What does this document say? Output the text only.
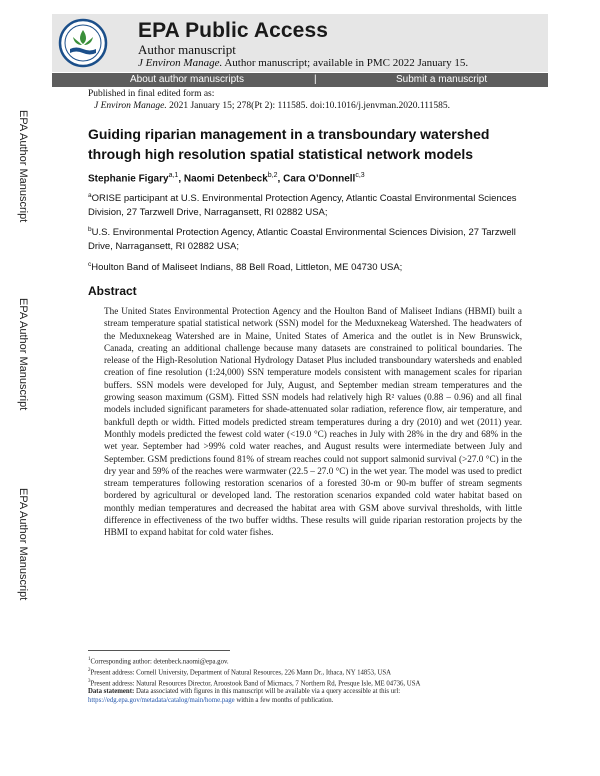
EPA Public Access
Author manuscript
J Environ Manage. Author manuscript; available in PMC 2022 January 15.
About author manuscripts	|	Submit a manuscript
Published in final edited form as:
J Environ Manage. 2021 January 15; 278(Pt 2): 111585. doi:10.1016/j.jenvman.2020.111585.
EPA Author Manuscript
EPA Author Manuscript
EPA Author Manuscript
Guiding riparian management in a transboundary watershed through high resolution spatial statistical network models
Stephanie Figary$^{a,1}$, Naomi Detenbeck$^{b,2}$, Cara O’Donnell$^{c,3}$
$^a$ORISE participant at U.S. Environmental Protection Agency, Atlantic Coastal Environmental Sciences Division, 27 Tarzwell Drive, Narragansett, RI 02882 USA;
$^b$U.S. Environmental Protection Agency, Atlantic Coastal Environmental Sciences Division, 27 Tarzwell Drive, Narragansett, RI 02882 USA;
$^c$Houlton Band of Maliseet Indians, 88 Bell Road, Littleton, ME 04730 USA;
Abstract
The United States Environmental Protection Agency and the Houlton Band of Maliseet Indians (HBMI) built a stream temperature spatial statistical network (SSN) model for the Meduxnekeag Watershed. The headwaters of the Meduxnekeag Watershed are in Maine, United States of America and the outlet is in New Brunswick, Canada, creating an additional challenge because many datasets are constrained to political boundaries. The release of the High-Resolution National Hydrology Dataset Plus included transboundary watersheds and enabled creation of fine resolution (1:24,000) SSN temperature models consistent with management scales for riparian buffers. SSN models were developed for July, August, and September median stream temperatures and the growing season maximum (GSM). Fitted SSN models had relatively high R² values (0.88 – 0.96) and all final models included significant parameters for shade-attenuated solar radiation, reference flow, air temperature, and bankfull depth or width. Fitted models predicted stream temperatures during a dry (2010) and wet (2011) year. Monthly models predicted the fewest cold water (<19.0 °C) reaches in July with 28% in the dry and 68% in the wet year. September had >99% cold water reaches, and August results were intermediate between July and September. GSM predictions found 81% of stream reaches could not support salmonid survival (>27.0 °C) in the dry year and 59% of the reaches were warmwater (22.5 – 27.0 °C) in the wet year. The model was used to predict stream temperatures following restoration scenarios of a forested 30-m or 90-m buffer of stream segments bordered by agricultural or developed land. The restoration scenarios expanded cold water habitat based on monthly median temperatures and decreased the habitat area with GSM above survival thresholds, with little difference in effectiveness of the two buffer widths. These results will guide riparian restoration projects by the HBMI to expand habitat for cold water fishes.
$^1$Corresponding author: detenbeck.naomi@epa.gov.
$^2$Present address: Cornell University, Department of Natural Resources, 226 Mann Dr., Ithaca, NY 14853, USA
$^3$Present address: Natural Resources Director, Aroostook Band of Micmacs, 7 Northern Rd, Presque Isle, ME 04736, USA
Data statement: Data associated with figures in this manuscript will be available via a query accessible at this url: https://edg.epa.gov/metadata/catalog/main/home.page within a few months of publication.
